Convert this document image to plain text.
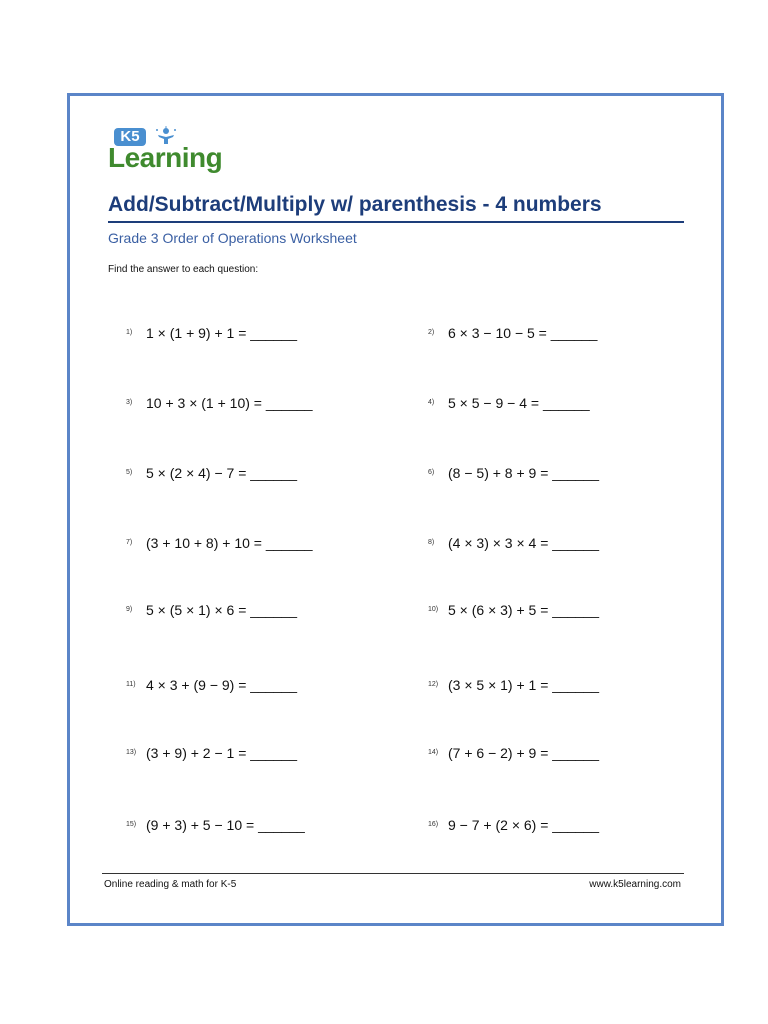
K5
Learning
Add/Subtract/Multiply w/ parenthesis - 4 numbers
Grade 3 Order of Operations Worksheet
Find the answer to each question:
1) 1 × (1 + 9) + 1 = ______	2) 6 × 3 − 10 − 5 = ______
3) 10 + 3 × (1 + 10) = ______	4) 5 × 5 − 9 − 4 = ______
5) 5 × (2 × 4) − 7 = ______	6) (8 − 5) + 8 + 9 = ______
7) (3 + 10 + 8) + 10 = ______	8) (4 × 3) × 3 × 4 = ______
9) 5 × (5 × 1) × 6 = ______	10) 5 × (6 × 3) + 5 = ______
11) 4 × 3 + (9 − 9) = ______	12) (3 × 5 × 1) + 1 = ______
13) (3 + 9) + 2 − 1 = ______	14) (7 + 6 − 2) + 9 = ______
15) (9 + 3) + 5 − 10 = ______	16) 9 − 7 + (2 × 6) = ______
Online reading & math for K-5	www.k5learning.com
